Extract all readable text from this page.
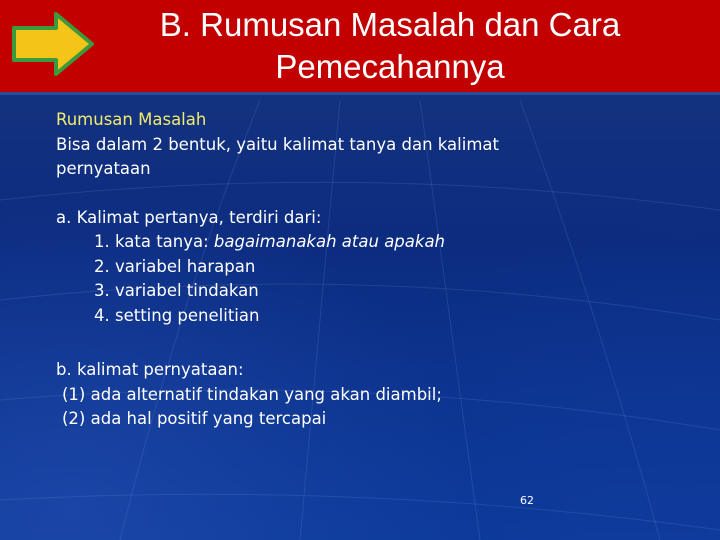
B. Rumusan Masalah dan Cara
Pemecahannya
Rumusan Masalah
Bisa dalam 2 bentuk, yaitu kalimat tanya dan kalimat
pernyataan
a. Kalimat pertanya, terdiri dari:
1. kata tanya: bagaimanakah atau apakah
2. variabel harapan
3. variabel tindakan
4. setting penelitian
b. kalimat pernyataan:
(1) ada alternatif tindakan yang akan diambil;
(2) ada hal positif yang tercapai
62
